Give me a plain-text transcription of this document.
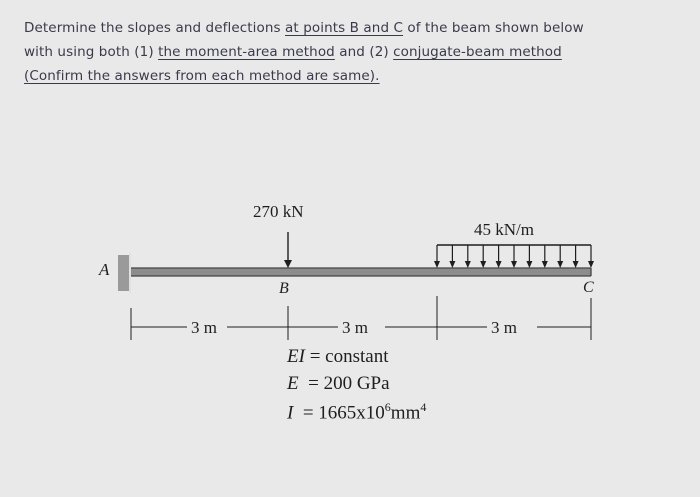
Determine the slopes and deflections at points B and C of the beam shown below
with using both (1) the moment-area method and (2) conjugate-beam method
(Confirm the answers from each method are same).
A
B	C
270 kN
45 kN/m
3 m	3 m	3 m
EI = constant
E  = 200 GPa
$I = 1665x10^6mm^4$
